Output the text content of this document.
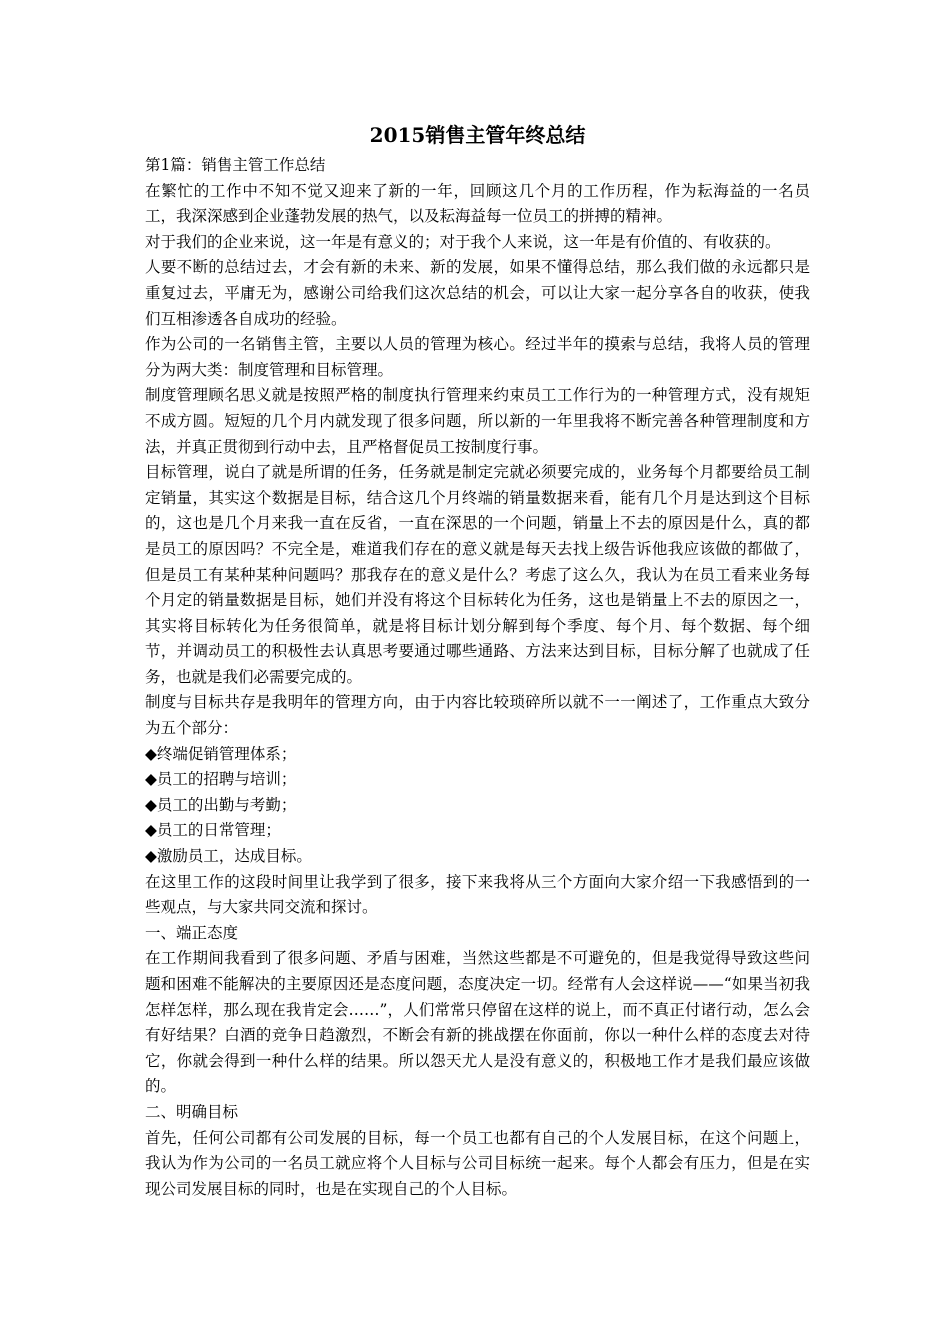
2015销售主管年终总结
第1篇：销售主管工作总结
在繁忙的工作中不知不觉又迎来了新的一年，回顾这几个月的工作历程，作为耘海益的一名员工，我深深感到企业蓬勃发展的热气，以及耘海益每一位员工的拼搏的精神。
对于我们的企业来说，这一年是有意义的；对于我个人来说，这一年是有价值的、有收获的。
人要不断的总结过去，才会有新的未来、新的发展，如果不懂得总结，那么我们做的永远都只是重复过去，平庸无为，感谢公司给我们这次总结的机会，可以让大家一起分享各自的收获，使我们互相渗透各自成功的经验。
作为公司的一名销售主管，主要以人员的管理为核心。经过半年的摸索与总结，我将人员的管理分为两大类：制度管理和目标管理。
制度管理顾名思义就是按照严格的制度执行管理来约束员工工作行为的一种管理方式，没有规矩不成方圆。短短的几个月内就发现了很多问题，所以新的一年里我将不断完善各种管理制度和方法，并真正贯彻到行动中去，且严格督促员工按制度行事。
目标管理，说白了就是所谓的任务，任务就是制定完就必须要完成的，业务每个月都要给员工制定销量，其实这个数据是目标，结合这几个月终端的销量数据来看，能有几个月是达到这个目标的，这也是几个月来我一直在反省，一直在深思的一个问题，销量上不去的原因是什么，真的都是员工的原因吗？不完全是，难道我们存在的意义就是每天去找上级告诉他我应该做的都做了，但是员工有某种某种问题吗？那我存在的意义是什么？考虑了这么久，我认为在员工看来业务每个月定的销量数据是目标，她们并没有将这个目标转化为任务，这也是销量上不去的原因之一，其实将目标转化为任务很简单，就是将目标计划分解到每个季度、每个月、每个数据、每个细节，并调动员工的积极性去认真思考要通过哪些通路、方法来达到目标，目标分解了也就成了任务，也就是我们必需要完成的。
制度与目标共存是我明年的管理方向，由于内容比较琐碎所以就不一一阐述了，工作重点大致分为五个部分：
◆终端促销管理体系；
◆员工的招聘与培训；
◆员工的出勤与考勤；
◆员工的日常管理；
◆激励员工，达成目标。
在这里工作的这段时间里让我学到了很多，接下来我将从三个方面向大家介绍一下我感悟到的一些观点，与大家共同交流和探讨。
一、端正态度
在工作期间我看到了很多问题、矛盾与困难，当然这些都是不可避免的，但是我觉得导致这些问题和困难不能解决的主要原因还是态度问题，态度决定一切。经常有人会这样说——“如果当初我怎样怎样，那么现在我肯定会……”，人们常常只停留在这样的说上，而不真正付诸行动，怎么会有好结果？白酒的竞争日趋激烈，不断会有新的挑战摆在你面前，你以一种什么样的态度去对待它，你就会得到一种什么样的结果。所以怨天尤人是没有意义的，积极地工作才是我们最应该做的。
二、明确目标
首先，任何公司都有公司发展的目标，每一个员工也都有自己的个人发展目标，在这个问题上，我认为作为公司的一名员工就应将个人目标与公司目标统一起来。每个人都会有压力，但是在实现公司发展目标的同时，也是在实现自己的个人目标。
